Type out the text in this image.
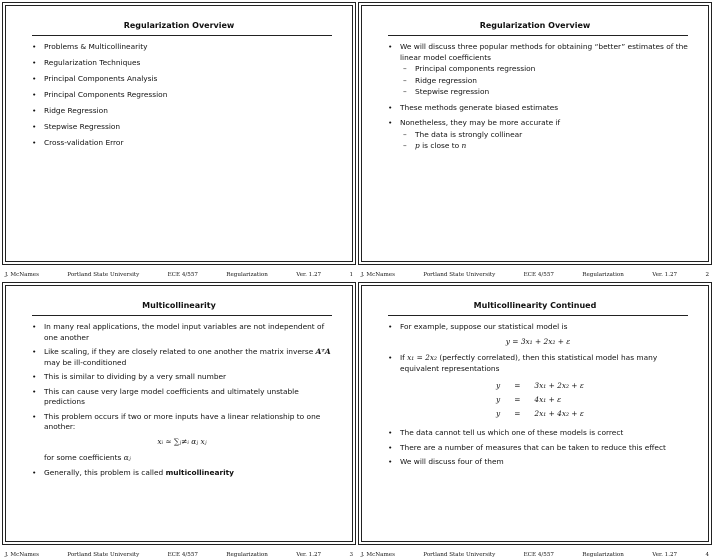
Regularization Overview
•	Problems & Multicollinearity
•	Regularization Techniques
•	Principal Components Analysis
•	Principal Components Regression
•	Ridge Regression
•	Stepwise Regression
•	Cross-validation Error
J. McNames	Portland State University	ECE 4/557	Regularization	Ver. 1.27	1
Regularization Overview
•	We will discuss three popular methods for obtaining “better” estimates of the linear model coefficients
– Principal components regression
– Ridge regression
– Stepwise regression
•	These methods generate biased estimates
•	Nonetheless, they may be more accurate if
– The data is strongly collinear
– p is close to n
J. McNames	Portland State University	ECE 4/557	Regularization	Ver. 1.27	2
Multicollinearity
•	In many real applications, the model input variables are not independent of one another
•	Like scaling, if they are closely related to one another the matrix inverse AᵀA may be ill-conditioned
•	This is similar to dividing by a very small number
•	This can cause very large model coefficients and ultimately unstable predictions
•	This problem occurs if two or more inputs have a linear relationship to one another:
xᵢ ≈ ∑ⱼ≠ᵢ αⱼ xⱼ
for some coefficients αⱼ
•	Generally, this problem is called multicollinearity
J. McNames	Portland State University	ECE 4/557	Regularization	Ver. 1.27	3
Multicollinearity Continued
•	For example, suppose our statistical model is
y = 3x₁ + 2x₂ + ε
•	If x₁ = 2x₂ (perfectly correlated), then this statistical model has many equivalent representations
y	=	3x₁ + 2x₂ + ε
y	=	4x₁ + ε
y	=	2x₁ + 4x₂ + ε
•	The data cannot tell us which one of these models is correct
•	There are a number of measures that can be taken to reduce this effect
•	We will discuss four of them
J. McNames	Portland State University	ECE 4/557	Regularization	Ver. 1.27	4
